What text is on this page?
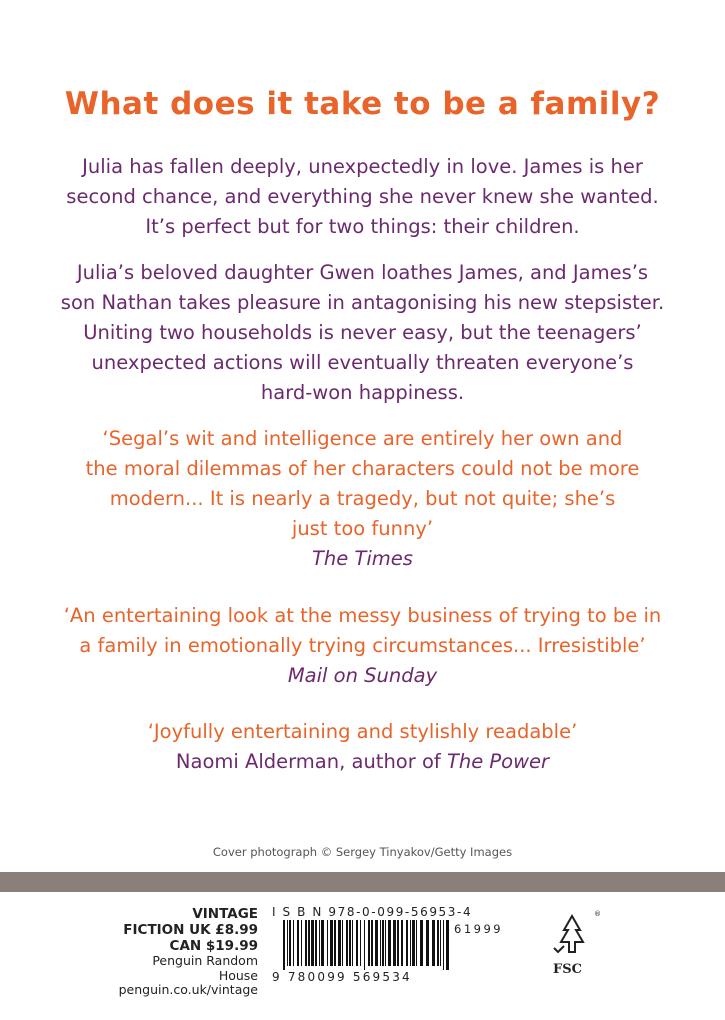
What does it take to be a family?
Julia has fallen deeply, unexpectedly in love. James is her
second chance, and everything she never knew she wanted.
It’s perfect but for two things: their children.
Julia’s beloved daughter Gwen loathes James, and James’s
son Nathan takes pleasure in antagonising his new stepsister.
Uniting two households is never easy, but the teenagers’
unexpected actions will eventually threaten everyone’s
hard-won happiness.
‘Segal’s wit and intelligence are entirely her own and
the moral dilemmas of her characters could not be more
modern... It is nearly a tragedy, but not quite; she’s
just too funny’
The Times
‘An entertaining look at the messy business of trying to be in
a family in emotionally trying circumstances... Irresistible’
Mail on Sunday
‘Joyfully entertaining and stylishly readable’
Naomi Alderman, author of The Power
Cover photograph © Sergey Tinyakov/Getty Images
VINTAGE
FICTION UK £8.99
CAN $19.99
Penguin Random House
penguin.co.uk/vintage
I S B N 978-0-099-56953-4
61999
9 780099 569534
®
FSC
